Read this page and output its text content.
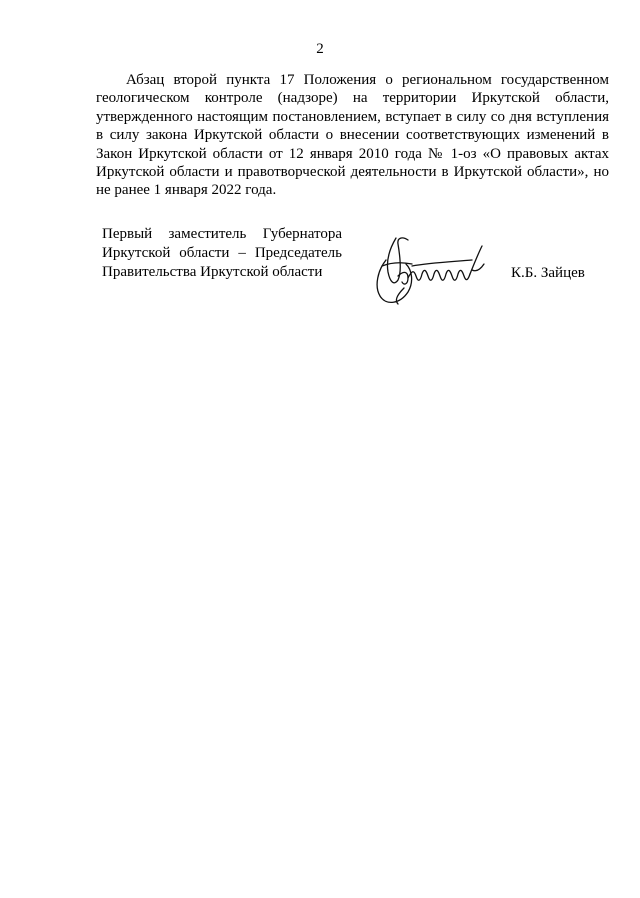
2

Абзац второй пункта 17 Положения о региональном государственном геологическом контроле (надзоре) на территории Иркутской области, утвержденного настоящим постановлением, вступает в силу со дня вступления в силу закона Иркутской области о внесении соответствующих изменений в Закон Иркутской области от 12 января 2010 года № 1-оз «О правовых актах Иркутской области и правотворческой деятельности в Иркутской области», но не ранее 1 января 2022 года.

Первый заместитель Губернатора
Иркутской области – Председатель
Правительства Иркутской области	К.Б. Зайцев
